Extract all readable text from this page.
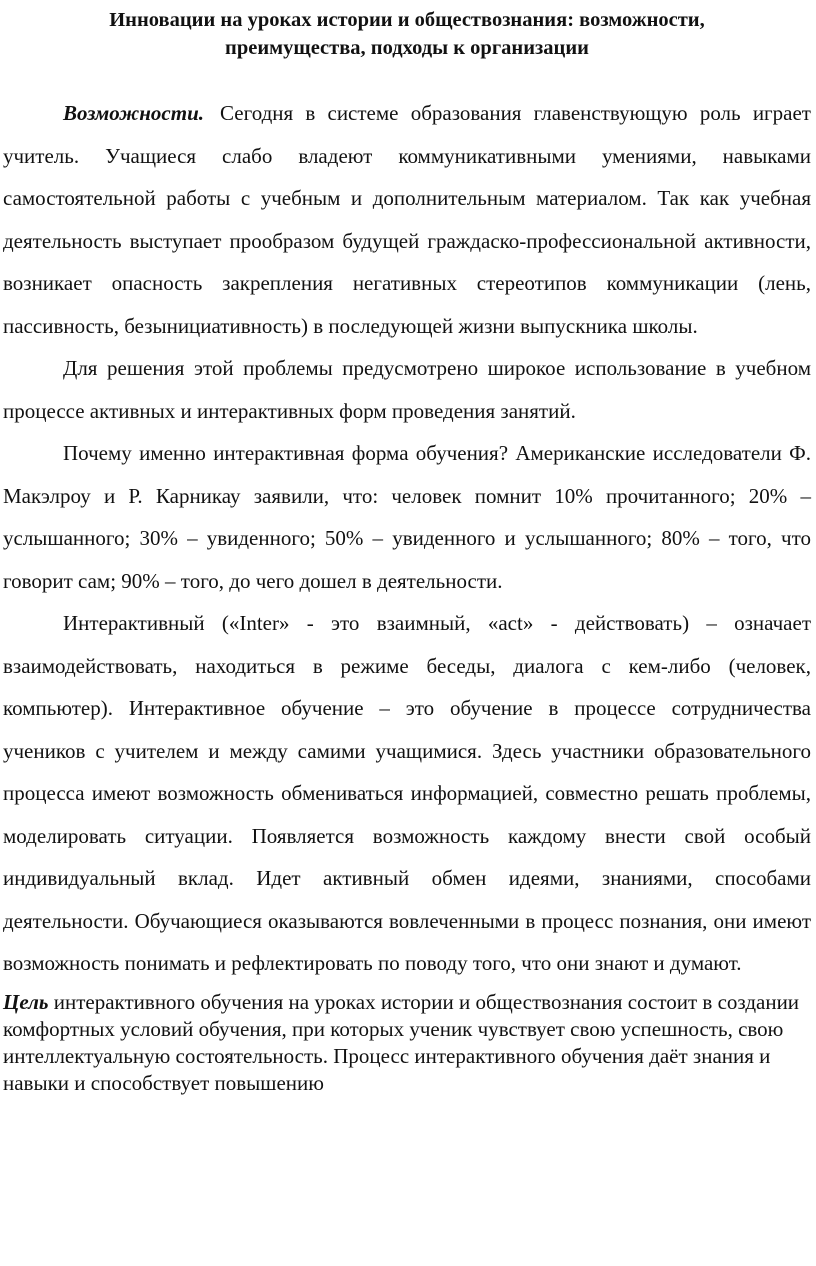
Инновации на уроках истории и обществознания: возможности,
преимущества, подходы к организации

Возможности. Сегодня в системе образования главенствующую роль играет учитель. Учащиеся слабо владеют коммуникативными умениями, навыками самостоятельной работы с учебным и дополнительным материалом. Так как учебная деятельность выступает прообразом будущей граждаско-профессиональной активности, возникает опасность закрепления негативных стереотипов коммуникации (лень, пассивность, безынициативность) в последующей жизни выпускника школы.

Для решения этой проблемы предусмотрено широкое использование в учебном процессе активных и интерактивных форм проведения занятий.

Почему именно интерактивная форма обучения? Американские исследователи Ф. Макэлроу и Р. Карникау заявили, что: человек помнит 10% прочитанного; 20% – услышанного; 30% – увиденного; 50% – увиденного и услышанного; 80% – того, что говорит сам; 90% – того, до чего дошел в деятельности.

Интерактивный («Inter» - это взаимный, «act» - действовать) – означает взаимодействовать, находиться в режиме беседы, диалога с кем-либо (человек, компьютер). Интерактивное обучение – это обучение в процессе сотрудничества учеников с учителем и между самими учащимися. Здесь участники образовательного процесса имеют возможность обмениваться информацией, совместно решать проблемы, моделировать ситуации. Появляется возможность каждому внести свой особый индивидуальный вклад. Идет активный обмен идеями, знаниями, способами деятельности. Обучающиеся оказываются вовлеченными в процесс познания, они имеют возможность понимать и рефлектировать по поводу того, что они знают и думают.

Цель интерактивного обучения на уроках истории и обществознания состоит в создании комфортных условий обучения, при которых ученик чувствует свою успешность, свою интеллектуальную состоятельность. Процесс интерактивного обучения даёт знания и навыки и способствует повышению
